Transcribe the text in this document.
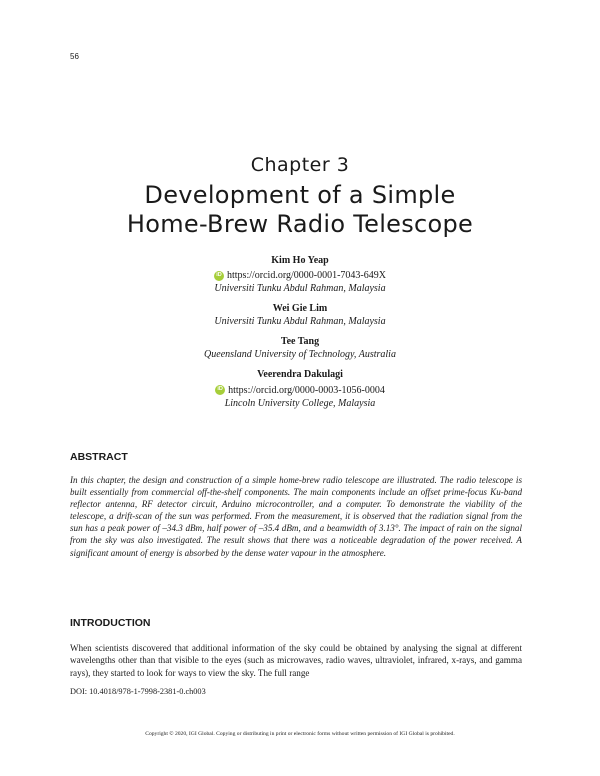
56
Chapter 3
Development of a Simple
Home-Brew Radio Telescope
Kim Ho Yeap
iD https://orcid.org/0000-0001-7043-649X
Universiti Tunku Abdul Rahman, Malaysia
Wei Gie Lim
Universiti Tunku Abdul Rahman, Malaysia
Tee Tang
Queensland University of Technology, Australia
Veerendra Dakulagi
iD https://orcid.org/0000-0003-1056-0004
Lincoln University College, Malaysia
ABSTRACT
In this chapter, the design and construction of a simple home-brew radio telescope are illustrated. The radio telescope is built essentially from commercial off-the-shelf components. The main components include an offset prime-focus Ku-band reflector antenna, RF detector circuit, Arduino microcontroller, and a computer. To demonstrate the viability of the telescope, a drift-scan of the sun was performed. From the measurement, it is observed that the radiation signal from the sun has a peak power of –34.3 dBm, half power of –35.4 dBm, and a beamwidth of 3.13°. The impact of rain on the signal from the sky was also investigated. The result shows that there was a noticeable degradation of the power received. A significant amount of energy is absorbed by the dense water vapour in the atmosphere.
INTRODUCTION
When scientists discovered that additional information of the sky could be obtained by analysing the signal at different wavelengths other than that visible to the eyes (such as microwaves, radio waves, ultraviolet, infrared, x-rays, and gamma rays), they started to look for ways to view the sky. The full range
DOI: 10.4018/978-1-7998-2381-0.ch003
Copyright © 2020, IGI Global. Copying or distributing in print or electronic forms without written permission of IGI Global is prohibited.
